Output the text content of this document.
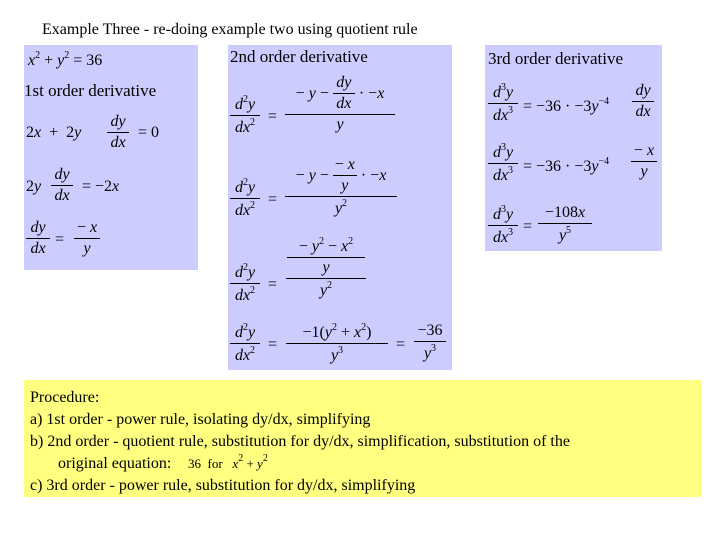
Example Three - re-doing example two using quotient rule
$x^2 + y^2 = 36$
1st order derivative
2x  +  2y
dy
dx
= 0
2y
dy
dx
= −2x
dy
dx
=
− x
y
2nd order derivative
$d^2y$
$dx^2$ =
− y −
dy
dx
· − x
y
$d^2y$
$dx^2$ =
− y −
− x
y
· − x
$y^2$
$d^2y$
$dx^2$ =
− $y^2 - x^2$
y
$y^2$
$d^2y$
$dx^2$ =
$-1(y^2 + x^2)$
$y^3$	=
−36
$y^3$
3rd order derivative
$d^3y$
$dx^3 = -36 \cdot -3y^{-4}$
dy
dx
$d^3y$
$dx^3 = -36 \cdot -3y^{-4}$
− x
y
$d^3y$
$dx^3$ =
−108x
$y^5$
Procedure:
a) 1st order - power rule, isolating dy/dx, simplifying
b) 2nd order - quotient rule, substitution for dy/dx, simplification, substitution of the
original equation: 36  for   $x^2 + y^2$
c) 3rd order - power rule, substitution for dy/dx, simplifying
